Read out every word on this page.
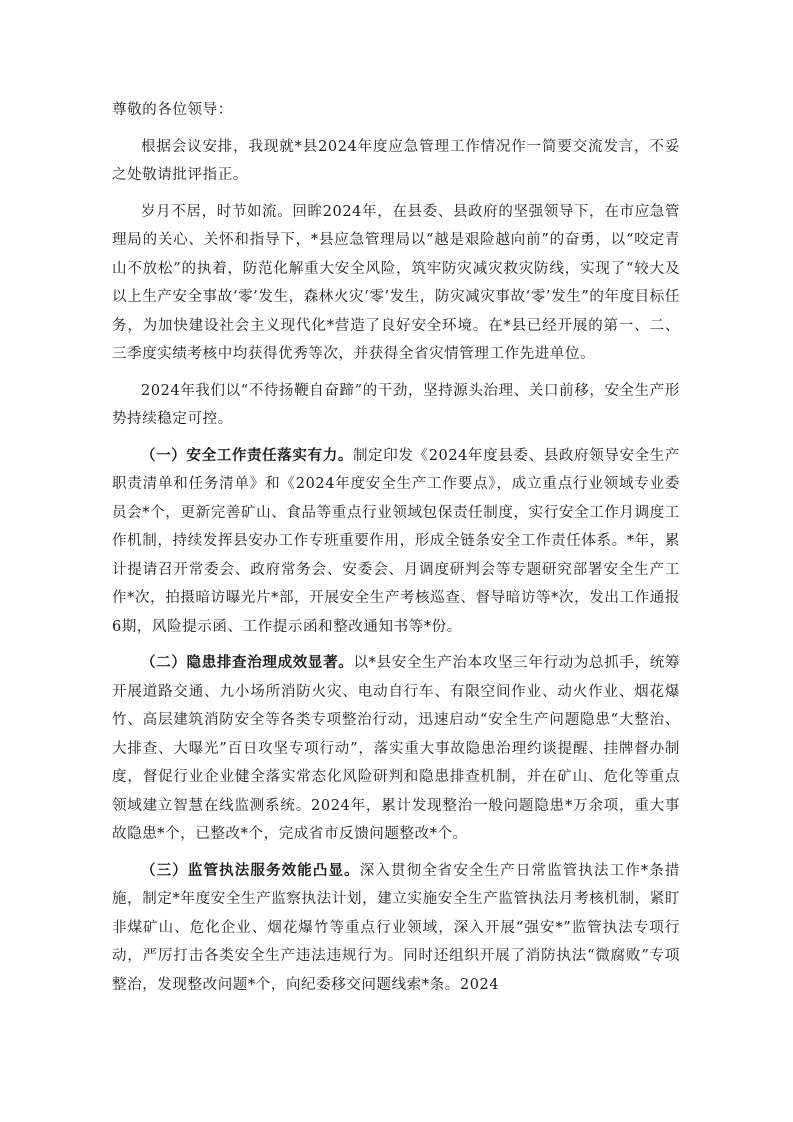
尊敬的各位领导：

根据会议安排，我现就*县2024年度应急管理工作情况作一简要交流发言，不妥之处敬请批评指正。

岁月不居，时节如流。回眸2024年，在县委、县政府的坚强领导下，在市应急管理局的关心、关怀和指导下，*县应急管理局以“越是艰险越向前”的奋勇，以“咬定青山不放松”的执着，防范化解重大安全风险，筑牢防灾减灾救灾防线，实现了“较大及以上生产安全事故‘零’发生，森林火灾‘零’发生，防灾减灾事故‘零’发生”的年度目标任务，为加快建设社会主义现代化*营造了良好安全环境。在*县已经开展的第一、二、三季度实绩考核中均获得优秀等次，并获得全省灾情管理工作先进单位。

2024年我们以“不待扬鞭自奋蹄”的干劲，坚持源头治理、关口前移，安全生产形势持续稳定可控。

（一）安全工作责任落实有力。制定印发《2024年度县委、县政府领导安全生产职责清单和任务清单》和《2024年度安全生产工作要点》，成立重点行业领域专业委员会*个，更新完善矿山、食品等重点行业领域包保责任制度，实行安全工作月调度工作机制，持续发挥县安办工作专班重要作用，形成全链条安全工作责任体系。*年，累计提请召开常委会、政府常务会、安委会、月调度研判会等专题研究部署安全生产工作*次，拍摄暗访曝光片*部，开展安全生产考核巡查、督导暗访等*次，发出工作通报6期，风险提示函、工作提示函和整改通知书等*份。

（二）隐患排查治理成效显著。以*县安全生产治本攻坚三年行动为总抓手，统筹开展道路交通、九小场所消防火灾、电动自行车、有限空间作业、动火作业、烟花爆竹、高层建筑消防安全等各类专项整治行动，迅速启动“安全生产问题隐患“大整治、大排查、大曝光”百日攻坚专项行动”，落实重大事故隐患治理约谈提醒、挂牌督办制度，督促行业企业健全落实常态化风险研判和隐患排查机制，并在矿山、危化等重点领域建立智慧在线监测系统。2024年，累计发现整治一般问题隐患*万余项，重大事故隐患*个，已整改*个，完成省市反馈问题整改*个。

（三）监管执法服务效能凸显。深入贯彻全省安全生产日常监管执法工作*条措施，制定*年度安全生产监察执法计划，建立实施安全生产监管执法月考核机制，紧盯非煤矿山、危化企业、烟花爆竹等重点行业领域，深入开展“强安*”监管执法专项行动，严厉打击各类安全生产违法违规行为。同时还组织开展了消防执法“微腐败”专项整治，发现整改问题*个，向纪委移交问题线索*条。2024
